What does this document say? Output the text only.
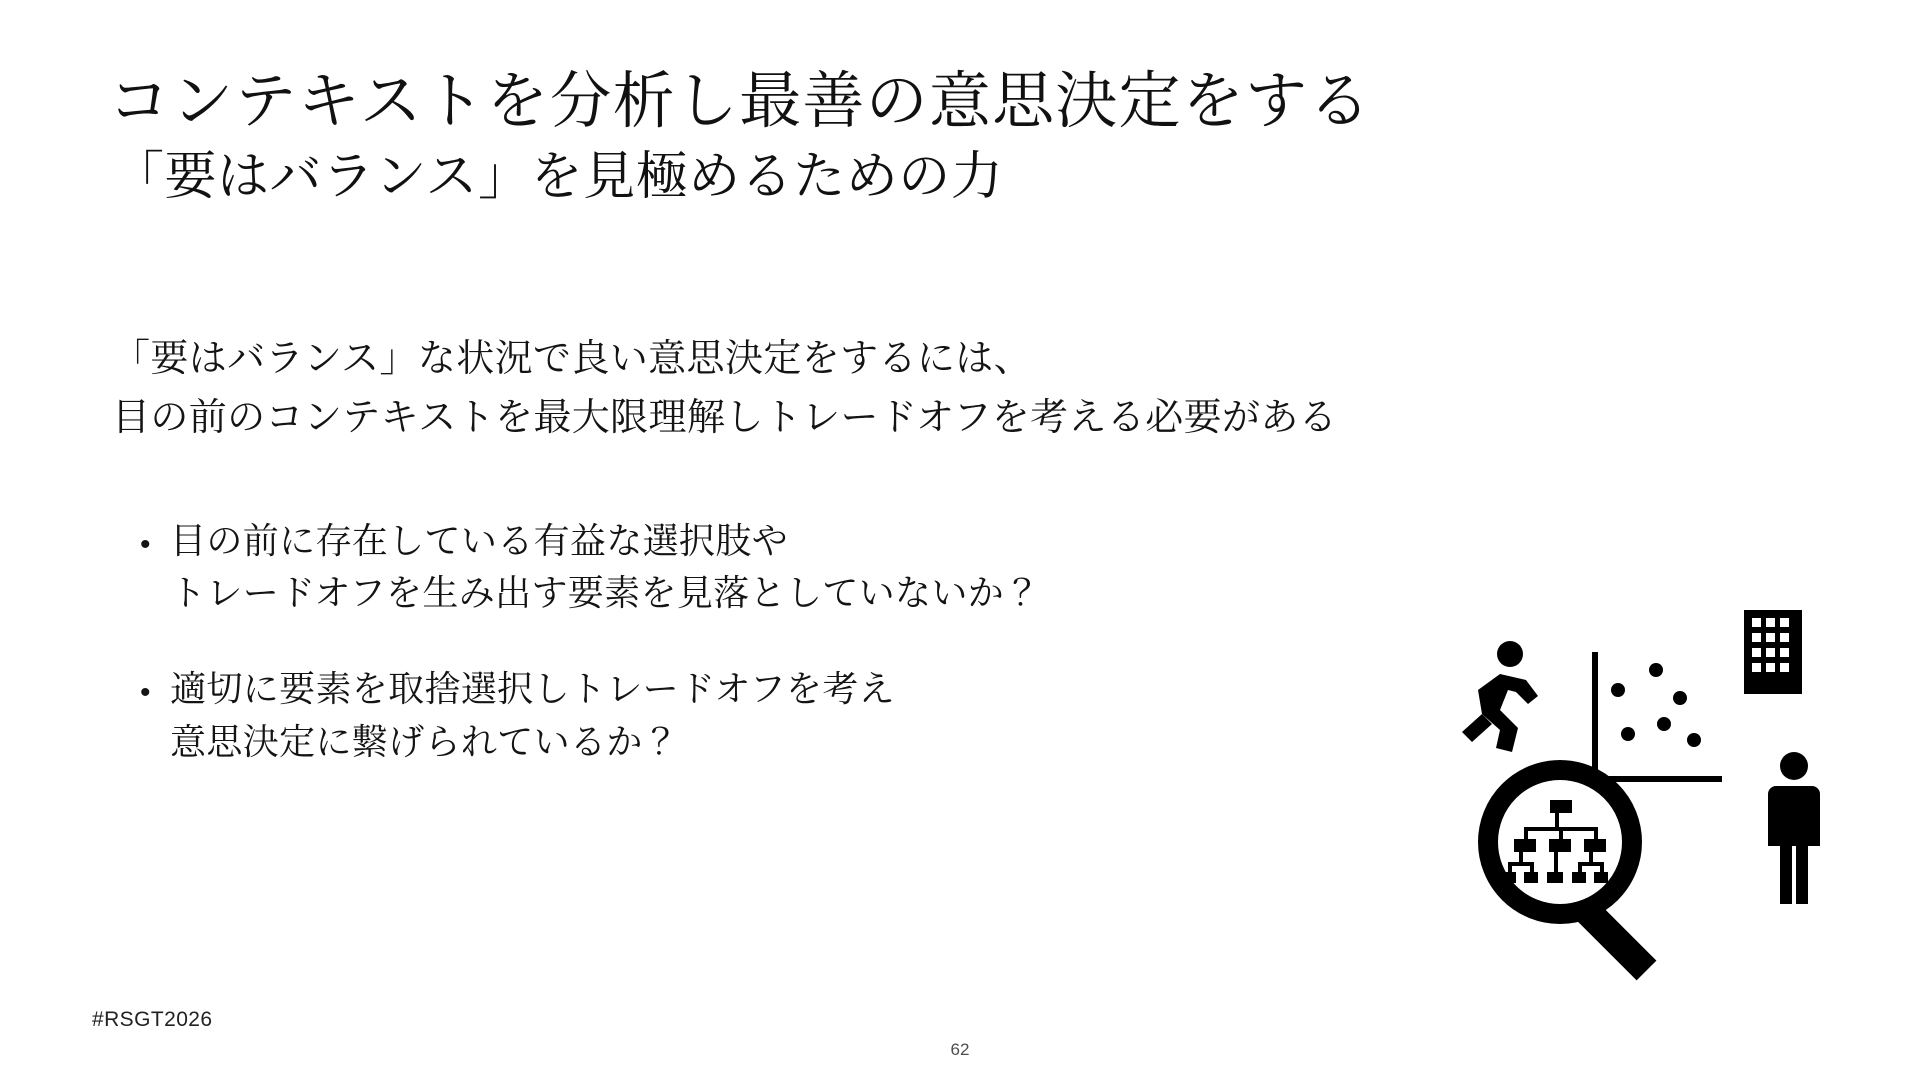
コンテキストを分析し最善の意思決定をする
「要はバランス」を見極めるための力
「要はバランス」な状況で良い意思決定をするには、
目の前のコンテキストを最大限理解しトレードオフを考える必要がある
• 目の前に存在している有益な選択肢や
トレードオフを生み出す要素を見落としていないか？
• 適切に要素を取捨選択しトレードオフを考え
意思決定に繋げられているか？
#RSGT2026
62
